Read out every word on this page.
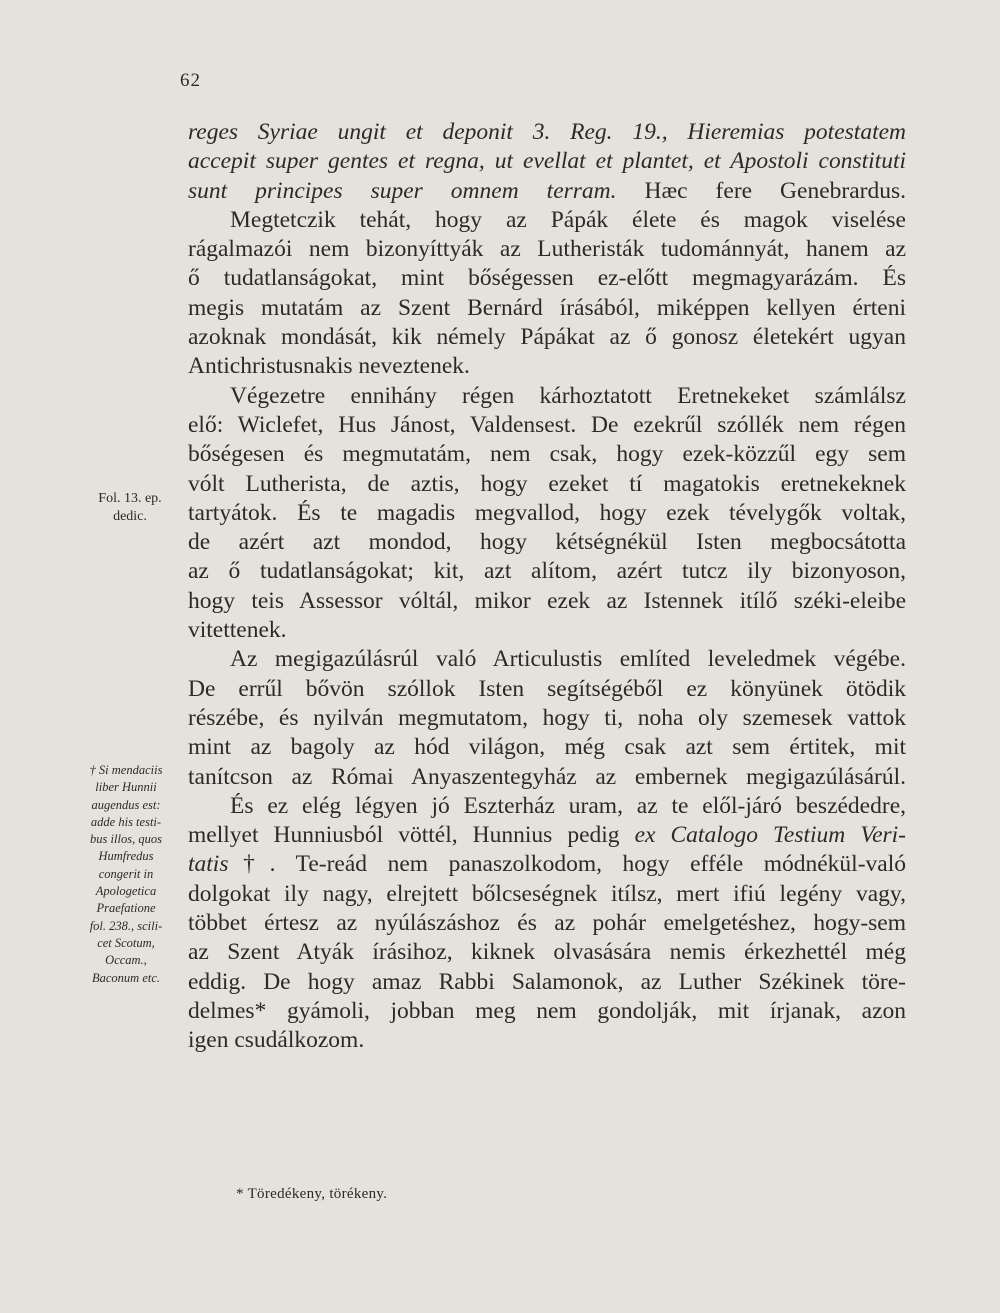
62
reges Syriae ungit et deponit 3. Reg. 19., Hieremias potestatem
accepit super gentes et regna, ut evellat et plantet, et Apostoli constituti
sunt principes super omnem terram. Hæc fere Genebrardus.
Megtetczik tehát, hogy az Pápák élete és magok viselése
rágalmazói nem bizonyíttyák az Lutheristák tudománnyát, hanem az
ő tudatlanságokat, mint bőségessen ez-előtt megmagyarázám. És
megis mutatám az Szent Bernárd írásából, miképpen kellyen érteni
azoknak mondását, kik némely Pápákat az ő gonosz életekért ugyan
Antichristusnakis neveztenek.
Végezetre ennihány régen kárhoztatott Eretnekeket számlálsz
elő: Wiclefet, Hus Jánost, Valdensest. De ezekrűl szóllék nem régen
bőségesen és megmutatám, nem csak, hogy ezek-közzűl egy sem
vólt Lutherista, de aztis, hogy ezeket tí magatokis eretnekeknek
tartyátok. És te magadis megvallod, hogy ezek tévelygők voltak,
de azért azt mondod, hogy kétségnékül Isten megbocsátotta
az ő tudatlanságokat; kit, azt alítom, azért tutcz ily bizonyoson,
hogy teis Assessor vóltál, mikor ezek az Istennek itílő széki-eleibe
vitettenek.
Az megigazúlásrúl való Articulustis említed leveledmek végébe.
De errűl bővön szóllok Isten segítségéből ez könyünek ötödik
részébe, és nyilván megmutatom, hogy ti, noha oly szemesek vattok
mint az bagoly az hód világon, még csak azt sem értitek, mit
tanítcson az Római Anyaszentegyház az embernek megigazúlásárúl.
És ez elég légyen jó Eszterház uram, az te elől-járó beszédedre,
mellyet Hunniusból vöttél, Hunnius pedig ex Catalogo Testium Veri-
tatis†. Te-reád nem panaszolkodom, hogy efféle módnékül-való
dolgokat ily nagy, elrejtett bőlcseségnek itílsz, mert ifiú legény vagy,
többet értesz az nyúlászáshoz és az pohár emelgetéshez, hogy-sem
az Szent Atyák írásihoz, kiknek olvasására nemis érkezhettél még
eddig. De hogy amaz Rabbi Salamonok, az Luther Székinek töre-
delmes* gyámoli, jobban meg nem gondolják, mit írjanak, azon
igen csudálkozom.
Fol. 13. ep.
dedic.
† Si mendaciis
liber Hunnii
augendus est:
adde his testi-
bus illos, quos
Humfredus
congerit in
Apologetica
Praefatione
fol. 238., scili-
cet Scotum,
Occam.,
Baconum etc.
* Töredékeny, törékeny.
